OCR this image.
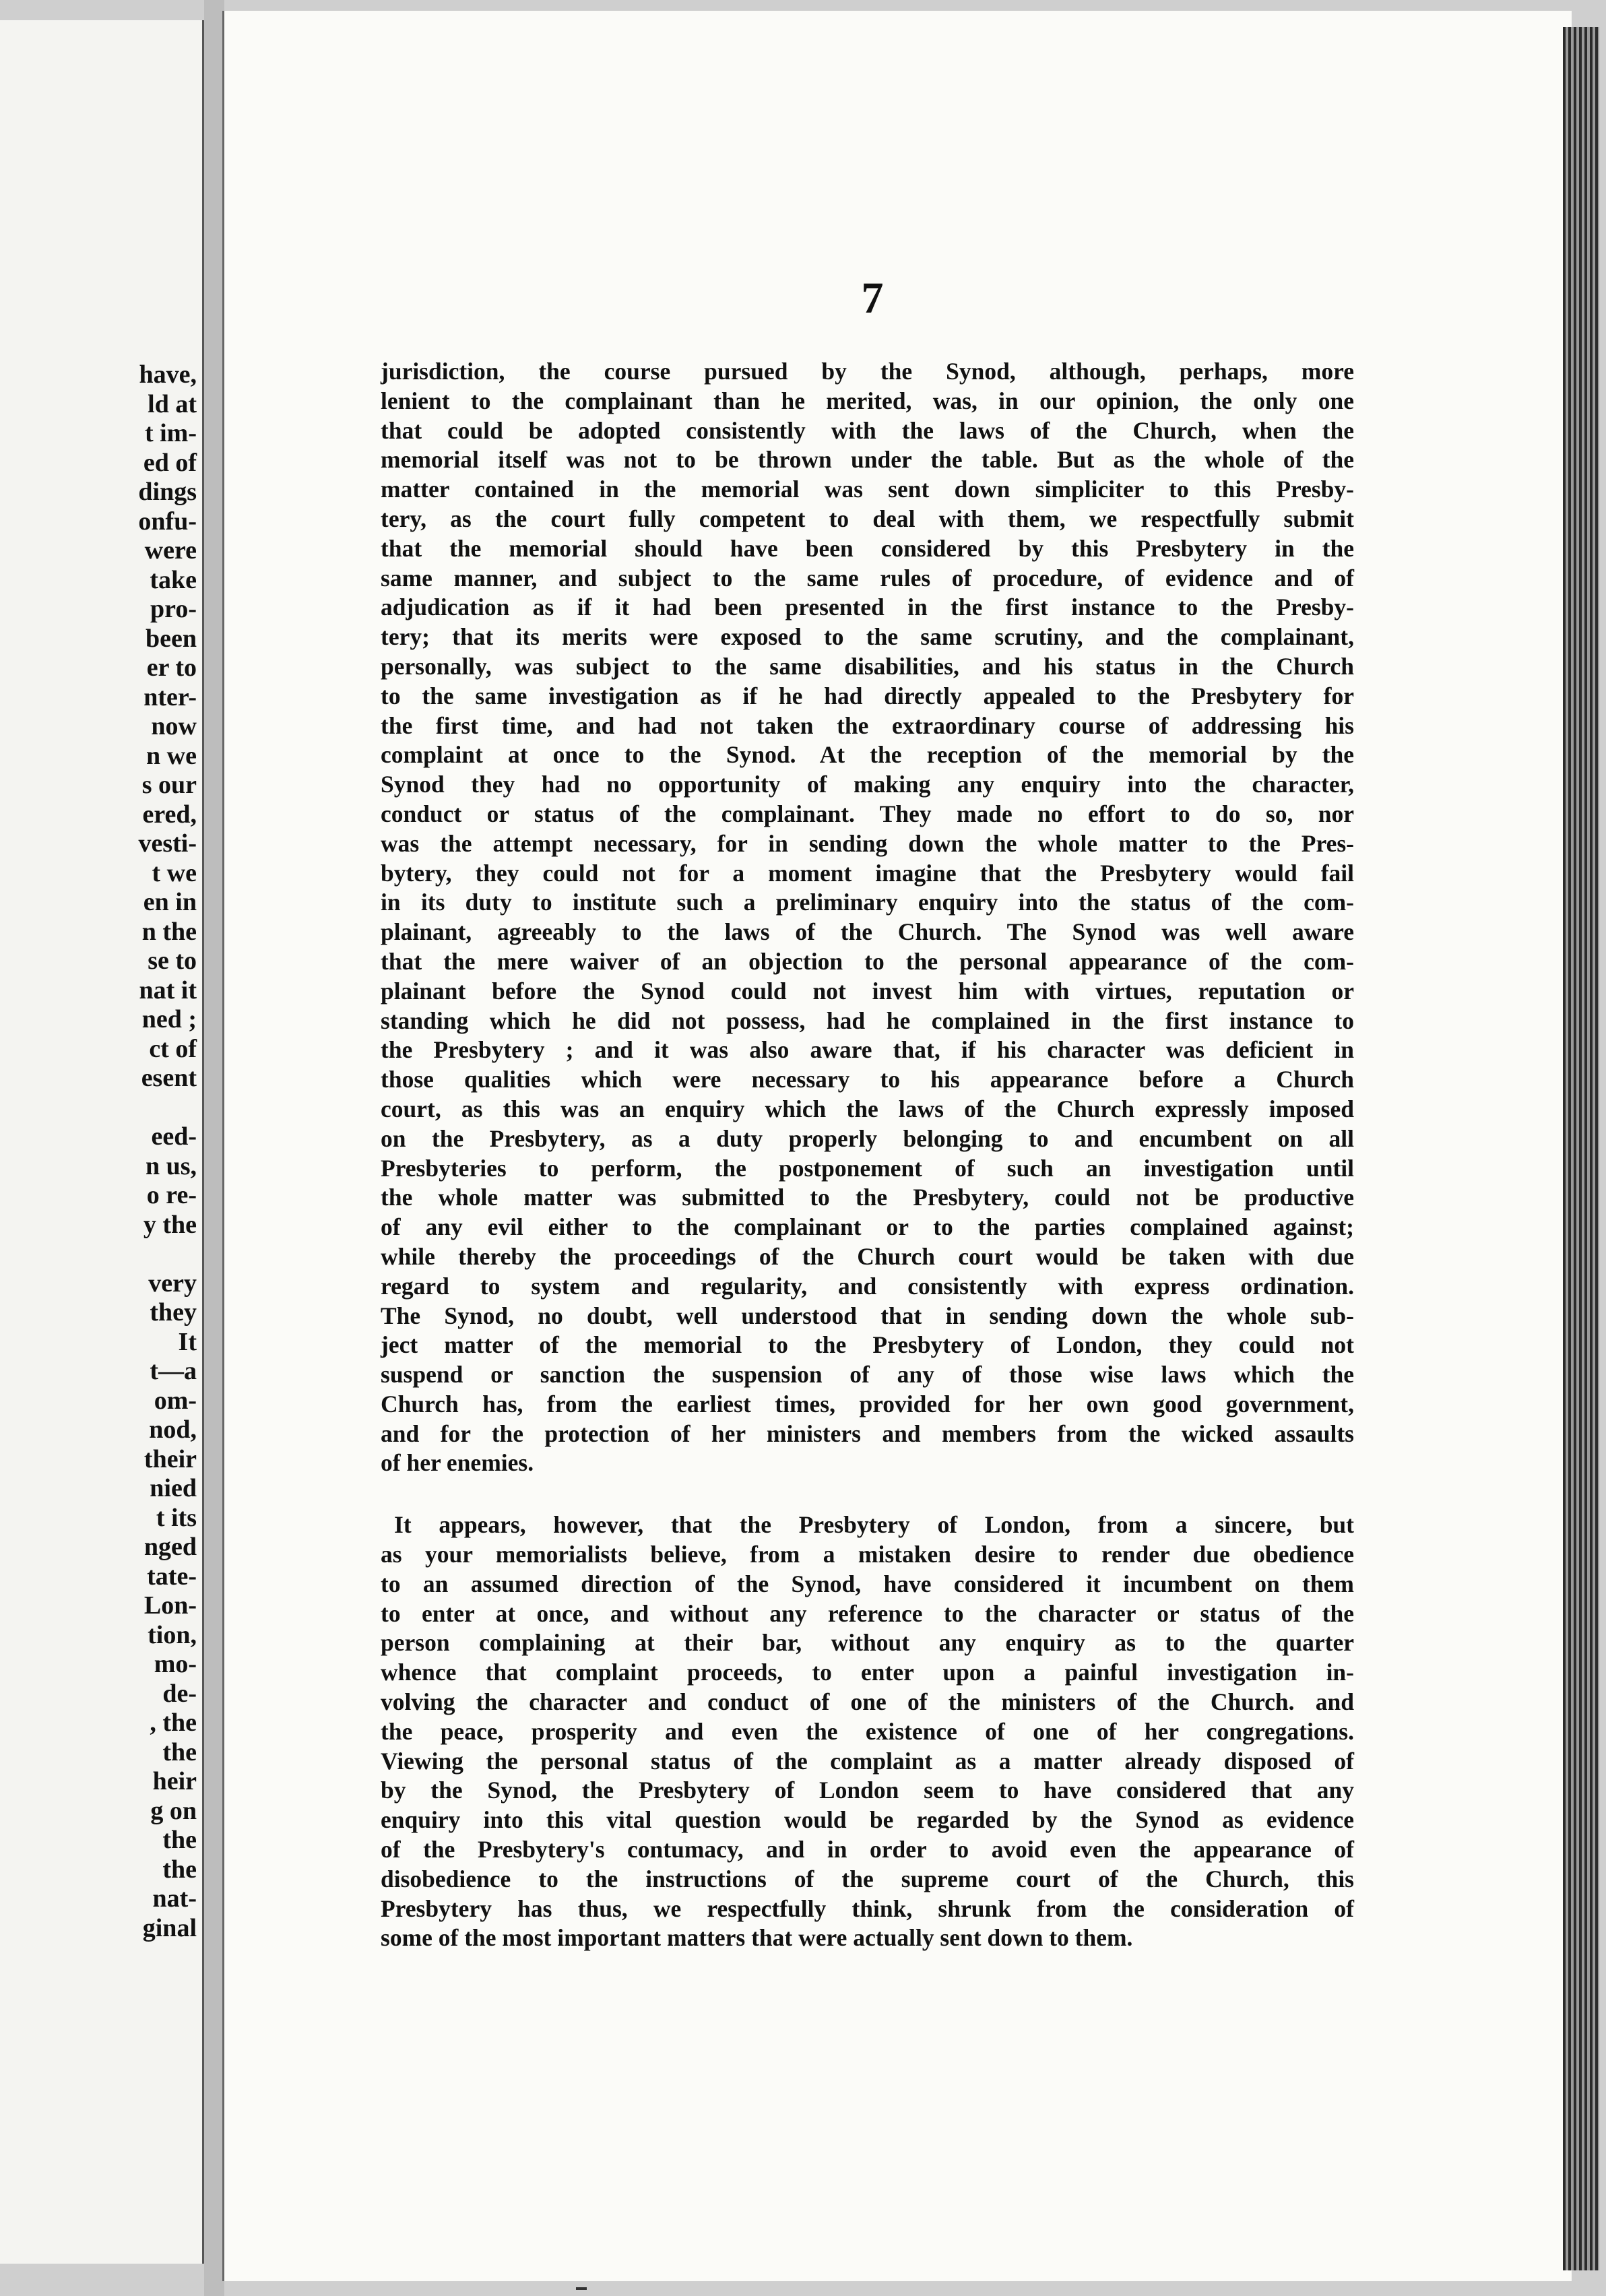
have,
ld at
t im-
ed of
dings
onfu-
were
take
pro-
been
er to
nter-
now
n we
s our
ered,
vesti-
t we
en in
n the
se to
nat it
ned ;
ct of
esent
eed-
n us,
o re-
y the
very
they
It
t—a
om-
nod,
their
nied
t its
nged
tate-
Lon-
tion,
mo-
de-
, the
the
heir
g on
the
the
nat-
ginal
7

jurisdiction, the course pursued by the Synod, although, perhaps, more

lenient to the complainant than he merited, was, in our opinion, the only one

that could be adopted consistently with the laws of the Church, when the

memorial itself was not to be thrown under the table. But as the whole of the

matter contained in the memorial was sent down simpliciter to this Presby-

tery, as the court fully competent to deal with them, we respectfully submit

that the memorial should have been considered by this Presbytery in the

same manner, and subject to the same rules of procedure, of evidence and of

adjudication as if it had been presented in the first instance to the Presby-

tery; that its merits were exposed to the same scrutiny, and the complainant,

personally, was subject to the same disabilities, and his status in the Church

to the same investigation as if he had directly appealed to the Presbytery for

the first time, and had not taken the extraordinary course of addressing his

complaint at once to the Synod. At the reception of the memorial by the

Synod they had no opportunity of making any enquiry into the character,

conduct or status of the complainant. They made no effort to do so, nor

was the attempt necessary, for in sending down the whole matter to the Pres-

bytery, they could not for a moment imagine that the Presbytery would fail

in its duty to institute such a preliminary enquiry into the status of the com-

plainant, agreeably to the laws of the Church. The Synod was well aware

that the mere waiver of an objection to the personal appearance of the com-

plainant before the Synod could not invest him with virtues, reputation or

standing which he did not possess, had he complained in the first instance to

the Presbytery ; and it was also aware that, if his character was deficient in

those qualities which were necessary to his appearance before a Church

court, as this was an enquiry which the laws of the Church expressly imposed

on the Presbytery, as a duty properly belonging to and encumbent on all

Presbyteries to perform, the postponement of such an investigation until

the whole matter was submitted to the Presbytery, could not be productive

of any evil either to the complainant or to the parties complained against;

while thereby the proceedings of the Church court would be taken with due

regard to system and regularity, and consistently with express ordination.

The Synod, no doubt, well understood that in sending down the whole sub-

ject matter of the memorial to the Presbytery of London, they could not

suspend or sanction the suspension of any of those wise laws which the

Church has, from the earliest times, provided for her own good government,

and for the protection of her ministers and members from the wicked assaults

of her enemies.

It appears, however, that the Presbytery of London, from a sincere, but

as your memorialists believe, from a mistaken desire to render due obedience

to an assumed direction of the Synod, have considered it incumbent on them

to enter at once, and without any reference to the character or status of the

person complaining at their bar, without any enquiry as to the quarter

whence that complaint proceeds, to enter upon a painful investigation in-

volving the character and conduct of one of the ministers of the Church. and

the peace, prosperity and even the existence of one of her congregations.

Viewing the personal status of the complaint as a matter already disposed of

by the Synod, the Presbytery of London seem to have considered that any

enquiry into this vital question would be regarded by the Synod as evidence

of the Presbytery's contumacy, and in order to avoid even the appearance of

disobedience to the instructions of the supreme court of the Church, this

Presbytery has thus, we respectfully think, shrunk from the consideration of

some of the most important matters that were actually sent down to them.
